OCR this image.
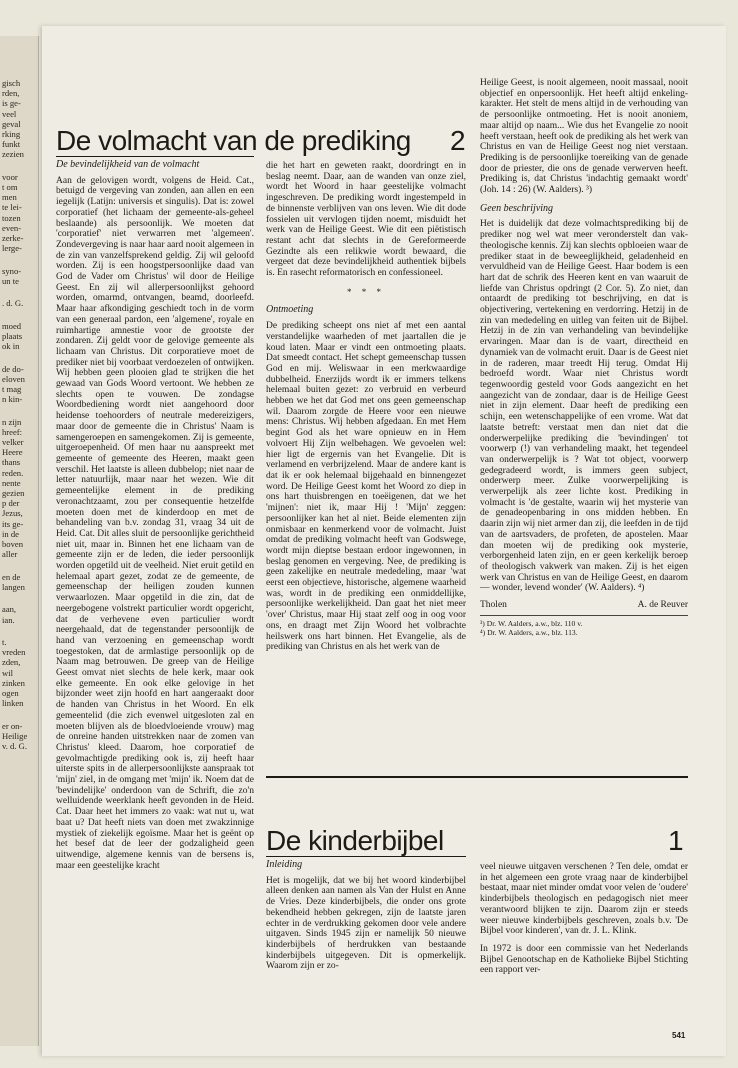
gisch
rden,
is ge-
veel
geval
rking
funkt
zezien
voor
t om
men
te lei-
tozen
even-
zerke-
lerge-
syno-
un te
. d. G.
moed
plaats
ok in
de do-
eloven
t mag
n kin-
n zijn
hreef:
velker
Heere
thans
reden.
nente
gezien
p der
Jezus,
its ge-
in de
boven
aller
en de
langen
aan,
ian.
t.
vreden
zden,
wil
zinken
ogen
linken
er on-
Heilige
v. d. G.
De volmacht van de prediking 2
De bevindelijkheid van de volmacht

Aan de gelovigen wordt, volgens de Heid. Cat., betuigd de vergeving van zonden, aan allen en een iegelijk (Latijn: universis et singulis). Dat is: zowel corporatief (het lichaam der gemeente-als-geheel beslaande) als persoonlijk. We moeten dat 'corporatief' niet verwarren met 'algemeen'. Zondevergeving is naar haar aard nooit algemeen in de zin van vanzelfsprekend geldig. Zij wil geloofd worden. Zij is een hoogstpersoonlijke daad van God de Vader om Christus' wil door de Heilige Geest. En zij wil allerpersoonlijkst gehoord worden, omarmd, ontvangen, beamd, doorleefd. Maar haar afkondiging geschiedt toch in de vorm van een generaal pardon, een 'algemene', royale en ruimhartige amnestie voor de grootste der zondaren. Zij geldt voor de gelovige gemeente als lichaam van Christus. Dit corporatieve moet de prediker niet bij voorbaat verdoezelen of ontwijken. Wij hebben geen plooien glad te strijken die het gewaad van Gods Woord vertoont. We hebben ze slechts open te vouwen. De zondagse Woordbediening wordt niet aangehoord door heidense toehoorders of neutrale medereizigers, maar door de gemeente die in Christus' Naam is samengeroepen en samengekomen. Zij is gemeente, uitgeroepenheid. Of men haar nu aanspreekt met gemeente of gemeente des Heeren, maakt geen verschil. Het laatste is alleen dubbelop; niet naar de letter natuurlijk, maar naar het wezen. Wie dit gemeentelijke element in de prediking veronachtzaamt, zou per consequentie hetzelfde moeten doen met de kinderdoop en met de behandeling van b.v. zondag 31, vraag 34 uit de Heid. Cat. Dit alles sluit de persoonlijke gerichtheid niet uit, maar in. Binnen het ene lichaam van de gemeente zijn er de leden, die ieder persoonlijk worden opgetild uit de veelheid. Niet eruit getild en helemaal apart gezet, zodat ze de gemeente, de gemeenschap der heiligen zouden kunnen verwaarlozen. Maar opgetild in die zin, dat de neergebogene volstrekt particulier wordt opgericht, dat de verhevene even particulier wordt neergehaald, dat de tegenstander persoonlijk de hand van verzoening en gemeenschap wordt toegestoken, dat de armlastige persoonlijk op de Naam mag betrouwen. De greep van de Heilige Geest omvat niet slechts de hele kerk, maar ook elke gemeente. En ook elke gelovige in het bijzonder weet zijn hoofd en hart aangeraakt door de handen van Christus in het Woord. En elk gemeentelid (die zich evenwel uitgesloten zal en moeten blijven als de bloedvloeiende vrouw) mag de onreine handen uitstrekken naar de zomen van Christus' kleed. Daarom, hoe corporatief de gevolmachtigde prediking ook is, zij heeft haar uiterste spits in de allerpersoonlijkste aanspraak tot 'mijn' ziel, in de omgang met 'mijn' ik. Noem dat de 'bevindelijke' onderdoon van de Schrift, die zo'n welluidende weerklank heeft gevonden in de Heid. Cat. Daar heet het immers zo vaak: wat nut u, wat baat u? Dat heeft niets van doen met zwakzinnige mystiek of ziekelijk egoïsme. Maar het is geënt op het besef dat de leer der godzaligheid geen uitwendige, algemene kennis van de bersens is, maar een geestelijke kracht

die het hart en geweten raakt, doordringt en in beslag neemt. Daar, aan de wanden van onze ziel, wordt het Woord in haar geestelijke volmacht ingeschreven. De prediking wordt ingestempeld in de binnenste verblijven van ons leven. Wie dit dode fossielen uit vervlogen tijden noemt, misduidt het werk van de Heilige Geest. Wie dit een piëtistisch restant acht dat slechts in de Gereformeerde Gezindte als een relikwie wordt bewaard, die vergeet dat deze bevindelijkheid authentiek bijbels is. En rasecht reformatorisch en confessioneel.

* * *
Ontmoeting

De prediking scheept ons niet af met een aantal verstandelijke waarheden of met jaartallen die je koud laten. Maar er vindt een ontmoeting plaats. Dat smeedt contact. Het schept gemeenschap tussen God en mij. Weliswaar in een merkwaardige dubbelheid. Enerzijds wordt ik er immers telkens helemaal buiten gezet: zo verbruid en verbeurd hebben we het dat God met ons geen gemeenschap wil. Daarom zorgde de Heere voor een nieuwe mens: Christus. Wij hebben afgedaan. En met Hem begint God als het ware opnieuw en in Hem volvoert Hij Zijn welbehagen. We gevoelen wel: hier ligt de ergernis van het Evangelie. Dit is verlamend en verbrijzelend. Maar de andere kant is dat ik er ook helemaal bijgehaald en binnengezet word. De Heilige Geest komt het Woord zo diep in ons hart thuisbrengen en toeëigenen, dat we het 'mijnen': niet ik, maar Hij ! 'Mijn' zeggen: persoonlijker kan het al niet. Beide elementen zijn onmisbaar en kenmerkend voor de volmacht. Juist omdat de prediking volmacht heeft van Godswege, wordt mijn dieptse bestaan erdoor ingewonnen, in beslag genomen en vergeving. Nee, de prediking is geen zakelijke en neutrale mededeling, maar 'wat eerst een objectieve, historische, algemene waarheid was, wordt in de prediking een onmiddellijke, persoonlijke werkelijkheid. Dan gaat het niet meer 'over' Christus, maar Hij staat zelf oog in oog voor ons, en draagt met Zijn Woord het volbrachte heilswerk ons hart binnen. Het Evangelie, als de prediking van Christus en als het werk van de

Heilige Geest, is nooit algemeen, nooit massaal, nooit objectief en onpersoonlijk. Het heeft altijd enkeling-karakter. Het stelt de mens altijd in de verhouding van de persoonlijke ontmoeting. Het is nooit anoniem, maar altijd op naam... Wie dus het Evangelie zo nooit heeft verstaan, heeft ook de prediking als het werk van Christus en van de Heilige Geest nog niet verstaan. Prediking is de persoonlijke toereiking van de genade door de priester, die ons de genade verwerven heeft. Prediking is, dat Christus 'indachtig gemaakt wordt' (Joh. 14 : 26) (W. Aalders). ³)

Geen beschrijving

Het is duidelijk dat deze volmachtsprediking bij de prediker nog wel wat meer veronderstelt dan vak-theologische kennis. Zij kan slechts opbloeien waar de prediker staat in de beweeglijkheid, geladenheid en vervuldheid van de Heilige Geest. Haar bodem is een hart dat de schrik des Heeren kent en van waaruit de liefde van Christus opdringt (2 Cor. 5). Zo niet, dan ontaardt de prediking tot beschrijving, en dat is objectivering, vertekening en verdorring. Hetzij in de zin van mededeling en uitleg van feiten uit de Bijbel. Hetzij in de zin van verhandeling van bevindelijke ervaringen. Maar dan is de vaart, directheid en dynamiek van de volmacht eruit. Daar is de Geest niet in de raderen, maar treedt Hij terug. Omdat Hij bedroefd wordt. Waar niet Christus wordt tegenwoordig gesteld voor Gods aangezicht en het aangezicht van de zondaar, daar is de Heilige Geest niet in zijn element. Daar heeft de prediking een schijn, een wetenschappelijke of een vrome. Wat dat laatste betreft: verstaat men dan niet dat die onderwerpelijke prediking die 'bevindingen' tot voorwerp (!) van verhandeling maakt, het tegendeel van onderwerpelijk is ? Wat tot object, voorwerp gedegradeerd wordt, is immers geen subject, onderwerp meer. Zulke voorwerpelijking is verwerpelijk als zeer lichte kost. Prediking in volmacht is 'de gestalte, waarin wij het mysterie van de genadeopenbaring in ons midden hebben. En daarin zijn wij niet armer dan zij, die leefden in de tijd van de aartsvaders, de profeten, de apostelen. Maar dan moeten wij de prediking ook mysterie, verborgenheid laten zijn, en er geen kerkelijk beroep of theologisch vakwerk van maken. Zij is het eigen werk van Christus en van de Heilige Geest, en daarom — wonder, levend wonder' (W. Aalders). ⁴)

Tholen	A. de Reuver
³) Dr. W. Aalders, a.w., blz. 110 v.
⁴) Dr. W. Aalders, a.w., blz. 113.
De kinderbijbel	1
Inleiding

Het is mogelijk, dat we bij het woord kinderbijbel alleen denken aan namen als Van der Hulst en Anne de Vries. Deze kinderbijbels, die onder ons grote bekendheid hebben gekregen, zijn de laatste jaren echter in de verdrukking gekomen door vele andere uitgaven. Sinds 1945 zijn er namelijk 50 nieuwe kinderbijbels of herdrukken van bestaande kinderbijbels uitgegeven. Dit is opmerkelijk. Waarom zijn er zo-

veel nieuwe uitgaven verschenen ? Ten dele, omdat er in het algemeen een grote vraag naar de kinderbijbel bestaat, maar niet minder omdat voor velen de 'oudere' kinderbijbels theologisch en pedagogisch niet meer verantwoord blijken te zijn. Daarom zijn er steeds weer nieuwe kinderbijbels geschreven, zoals b.v. 'De Bijbel voor kinderen', van dr. J. L. Klink.

In 1972 is door een commissie van het Nederlands Bijbel Genootschap en de Katholieke Bijbel Stichting een rapport ver-

541
